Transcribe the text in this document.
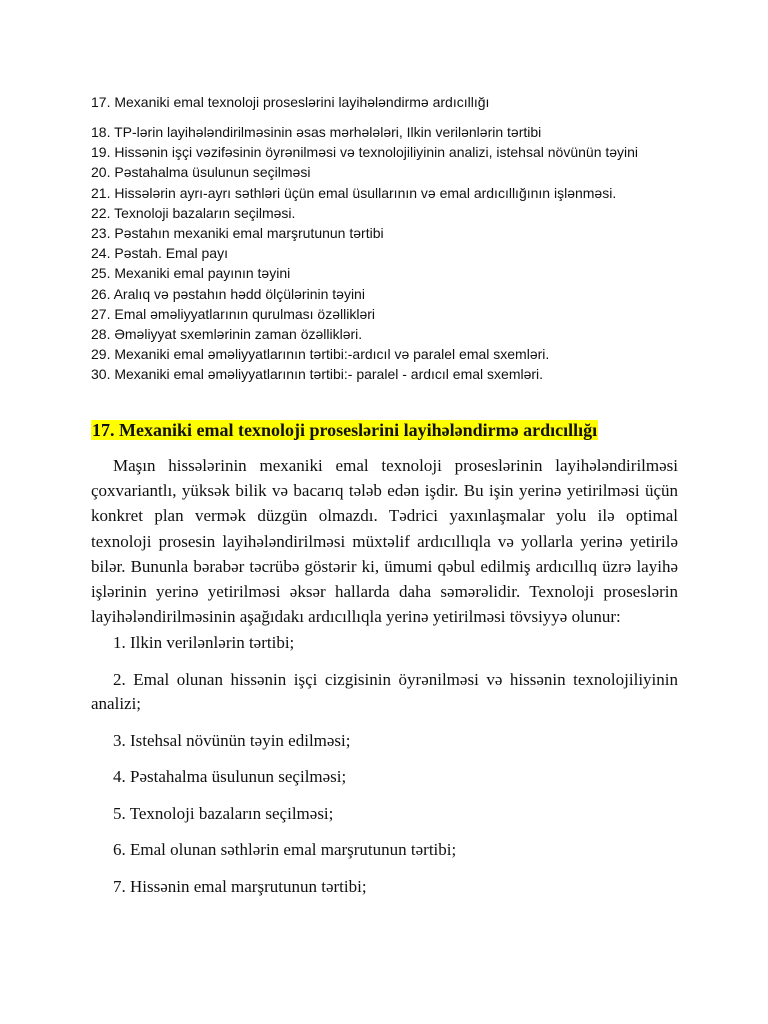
17. Mexaniki emal texnoloji proseslərini layihələndirmə ardıcıllığı
18. TP-lərin layihələndirilməsinin əsas mərhələləri, Ilkin verilənlərin tərtibi
19. Hissənin işçi vəzifəsinin öyrənilməsi və texnolojiliyinin analizi, istehsal növünün təyini
20. Pəstahalma üsulunun seçilməsi
21. Hissələrin ayrı-ayrı səthləri üçün emal üsullarının və emal ardıcıllığının işlənməsi.
22. Texnoloji bazaların seçilməsi.
23. Pəstahın mexaniki emal marşrutunun tərtibi
24. Pəstah. Emal payı
25. Mexaniki emal payının təyini
26. Aralıq və pəstahın hədd ölçülərinin təyini
27. Emal əməliyyatlarının qurulması özəllikləri
28. Əməliyyat sxemlərinin zaman özəllikləri.
29. Mexaniki emal əməliyyatlarının tərtibi:-ardıcıl və paralel emal sxemləri.
30. Mexaniki emal əməliyyatlarının tərtibi:- paralel - ardıcıl emal sxemləri.
17. Mexaniki emal texnoloji proseslərini layihələndirmə ardıcıllığı

Maşın hissələrinin mexaniki emal texnoloji proseslərinin layihələndirilməsi çoxvariantlı, yüksək bilik və bacarıq tələb edən işdir. Bu işin yerinə yetirilməsi üçün konkret plan vermək düzgün olmazdı. Tədrici yaxınlaşmalar yolu ilə optimal texnoloji prosesin layihələndirilməsi müxtəlif ardıcıllıqla və yollarla yerinə yetirilə bilər. Bununla bərabər təcrübə göstərir ki, ümumi qəbul edilmiş ardıcıllıq üzrə layihə işlərinin yerinə yetirilməsi əksər hallarda daha səmərəlidir. Texnoloji proseslərin layihələndirilməsinin aşağıdakı ardıcıllıqla yerinə yetirilməsi tövsiyyə olunur:

1. Ilkin verilənlərin tərtibi;

2. Emal olunan hissənin işçi cizgisinin öyrənilməsi və hissənin texnolojiliyinin analizi;

3. Istehsal növünün təyin edilməsi;

4. Pəstahalma üsulunun seçilməsi;

5. Texnoloji bazaların seçilməsi;

6. Emal olunan səthlərin emal marşrutunun tərtibi;

7. Hissənin emal marşrutunun tərtibi;
